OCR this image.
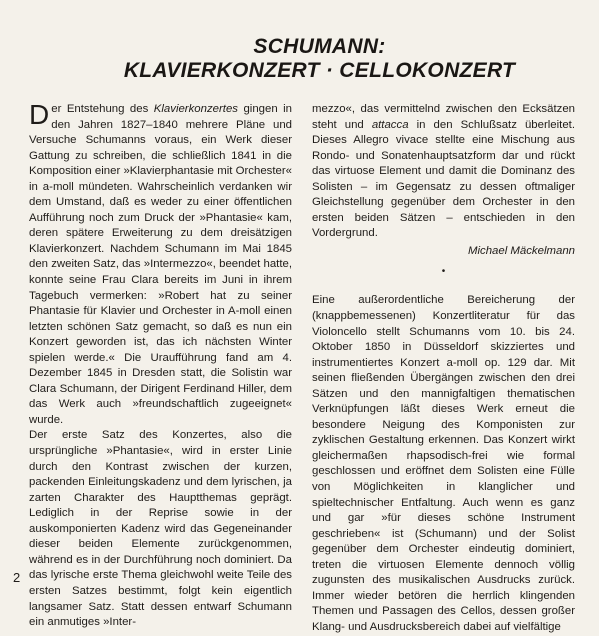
SCHUMANN:
KLAVIERKONZERT · CELLOKONZERT

Der Entstehung des Klavierkonzertes gingen in den Jahren 1827–1840 mehrere Pläne und Versuche Schumanns voraus, ein Werk dieser Gattung zu schreiben, die schließlich 1841 in die Komposition einer »Klavierphantasie mit Orchester« in a-moll mündeten. Wahrscheinlich verdanken wir dem Umstand, daß es weder zu einer öffentlichen Aufführung noch zum Druck der »Phantasie« kam, deren spätere Erweiterung zu dem dreisätzigen Klavierkonzert. Nachdem Schumann im Mai 1845 den zweiten Satz, das »Intermezzo«, beendet hatte, konnte seine Frau Clara bereits im Juni in ihrem Tagebuch vermerken: »Robert hat zu seiner Phantasie für Klavier und Orchester in A-moll einen letzten schönen Satz gemacht, so daß es nun ein Konzert geworden ist, das ich nächsten Winter spielen werde.« Die Uraufführung fand am 4. Dezember 1845 in Dresden statt, die Solistin war Clara Schumann, der Dirigent Ferdinand Hiller, dem das Werk auch »freundschaftlich zugeeignet« wurde.

Der erste Satz des Konzertes, also die ursprüngliche »Phantasie«, wird in erster Linie durch den Kontrast zwischen der kurzen, packenden Einleitungskadenz und dem lyrischen, ja zarten Charakter des Hauptthemas geprägt. Lediglich in der Reprise sowie in der auskomponierten Kadenz wird das Gegeneinander dieser beiden Elemente zurückgenommen, während es in der Durchführung noch dominiert. Da das lyrische erste Thema gleichwohl weite Teile des ersten Satzes bestimmt, folgt kein eigentlich langsamer Satz. Statt dessen entwarf Schumann ein anmutiges »Inter-

mezzo«, das vermittelnd zwischen den Ecksätzen steht und attacca in den Schlußsatz überleitet. Dieses Allegro vivace stellte eine Mischung aus Rondo- und Sonatenhauptsatzform dar und rückt das virtuose Element und damit die Dominanz des Solisten – im Gegensatz zu dessen oftmaliger Gleichstellung gegenüber dem Orchester in den ersten beiden Sätzen – entschieden in den Vordergrund.

Michael Mäckelmann

•

Eine außerordentliche Bereicherung der (knappbemessenen) Konzertliteratur für das Violoncello stellt Schumanns vom 10. bis 24. Oktober 1850 in Düsseldorf skizziertes und instrumentiertes Konzert a-moll op. 129 dar. Mit seinen fließenden Übergängen zwischen den drei Sätzen und den mannigfaltigen thematischen Verknüpfungen läßt dieses Werk erneut die besondere Neigung des Komponisten zur zyklischen Gestaltung erkennen. Das Konzert wirkt gleichermaßen rhapsodisch-frei wie formal geschlossen und eröffnet dem Solisten eine Fülle von Möglichkeiten in klanglicher und spieltechnischer Entfaltung. Auch wenn es ganz und gar »für dieses schöne Instrument geschrieben« ist (Schumann) und der Solist gegenüber dem Orchester eindeutig dominiert, treten die virtuosen Elemente dennoch völlig zugunsten des musikalischen Ausdrucks zurück. Immer wieder betören die herrlich klingenden Themen und Passagen des Cellos, dessen großer Klang- und Ausdrucksbereich dabei auf vielfältige

2
